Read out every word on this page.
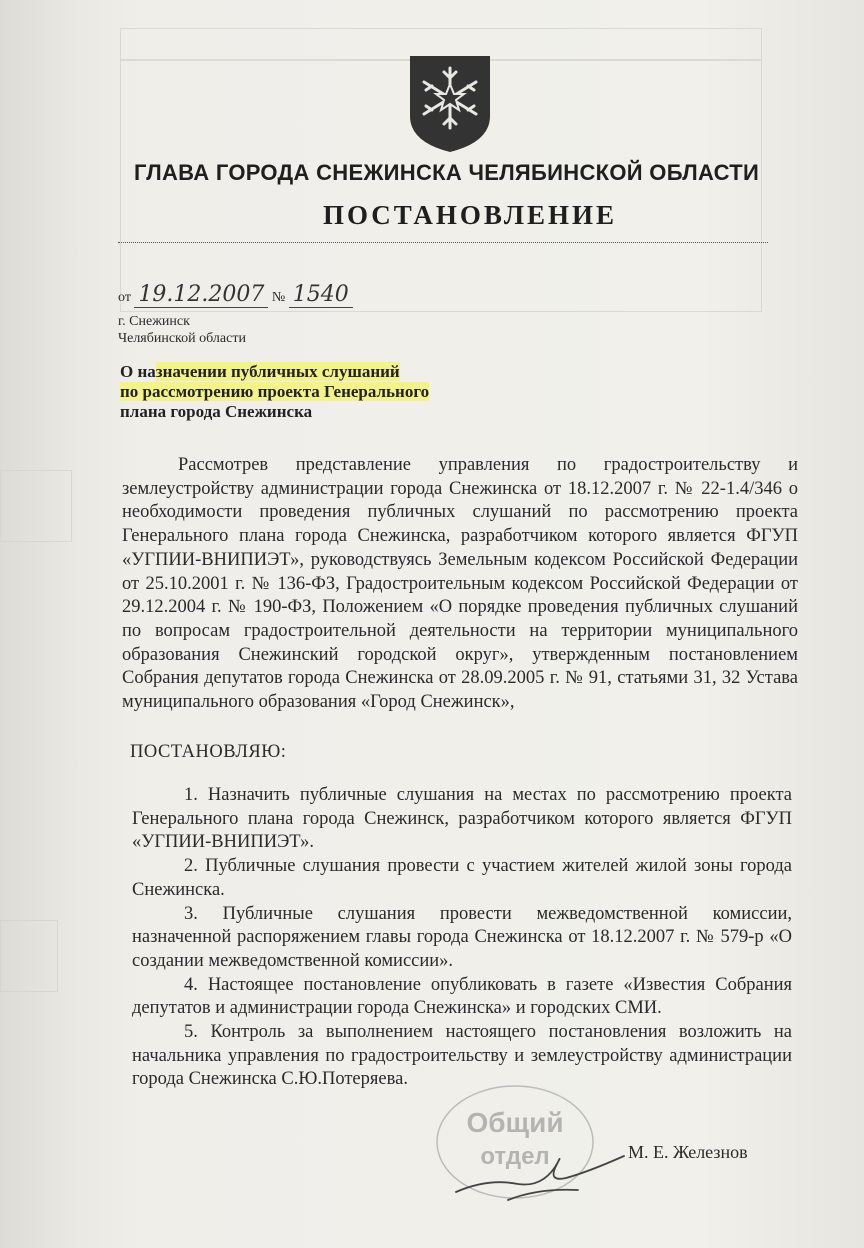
ГЛАВА ГОРОДА СНЕЖИНСКА ЧЕЛЯБИНСКОЙ ОБЛАСТИ
ПОСТАНОВЛЕНИЕ
от 19.12.2007 № 1540
г. Снежинск
Челябинской области
О назначении публичных слушаний
по рассмотрению проекта Генерального
плана города Снежинска
Рассмотрев представление управления по градостроительству и землеустройству администрации города Снежинска от 18.12.2007 г. № 22-1.4/346 о необходимости проведения публичных слушаний по рассмотрению проекта Генерального плана города Снежинска, разработчиком которого является ФГУП «УГПИИ-ВНИПИЭТ», руководствуясь Земельным кодексом Российской Федерации от 25.10.2001 г. № 136-ФЗ, Градостроительным кодексом Российской Федерации от 29.12.2004 г. № 190-ФЗ, Положением «О порядке проведения публичных слушаний по вопросам градостроительной деятельности на территории муниципального образования Снежинский городской округ», утвержденным постановлением Собрания депутатов города Снежинска от 28.09.2005 г. № 91, статьями 31, 32 Устава муниципального образования «Город Снежинск»,
ПОСТАНОВЛЯЮ:

1. Назначить публичные слушания на местах по рассмотрению проекта Генерального плана города Снежинск, разработчиком которого является ФГУП «УГПИИ-ВНИПИЭТ».

2. Публичные слушания провести с участием жителей жилой зоны города Снежинска.

3. Публичные слушания провести межведомственной комиссии, назначенной распоряжением главы города Снежинска от 18.12.2007 г. № 579-р «О создании межведомственной комиссии».

4. Настоящее постановление опубликовать в газете «Известия Собрания депутатов и администрации города Снежинска» и городских СМИ.

5. Контроль за выполнением настоящего постановления возложить на начальника управления по градостроительству и землеустройству администрации города Снежинска С.Ю.Потеряева.

Общий
отдел	М. Е. Железнов
